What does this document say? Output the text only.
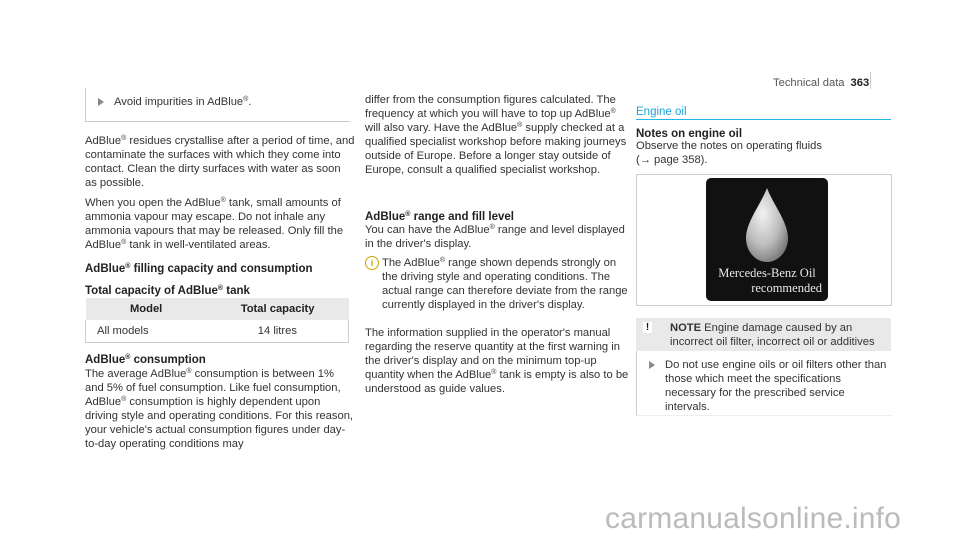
Technical data 363
Avoid impurities in AdBlue®.

AdBlue® residues crystallise after a period of time, and contaminate the surfaces with which they come into contact. Clean the dirty surfaces with water as soon as possible.

When you open the AdBlue® tank, small amounts of ammonia vapour may escape. Do not inhale any ammonia vapours that may be released. Only fill the AdBlue® tank in well-ventilated areas.

AdBlue® filling capacity and consumption
Total capacity of AdBlue® tank
Model	Total capacity
All models	14 litres
AdBlue® consumption

The average AdBlue® consumption is between 1% and 5% of fuel consumption. Like fuel consumption, AdBlue® consumption is highly dependent upon driving style and operating conditions. For this reason, your vehicle's actual consumption figures under day-to-day operating conditions may

differ from the consumption figures calculated. The frequency at which you will have to top up AdBlue® will also vary. Have the AdBlue® supply checked at a qualified specialist workshop before making journeys outside of Europe. Before a longer stay outside of Europe, consult a qualified specialist workshop.

AdBlue® range and fill level

You can have the AdBlue® range and level displayed in the driver's display.

i The AdBlue® range shown depends strongly on the driving style and operating conditions. The actual range can therefore deviate from the range currently displayed in the driver's display.

The information supplied in the operator's manual regarding the reserve quantity at the first warning in the driver's display and on the minimum top-up quantity when the AdBlue® tank is empty is also to be understood as guide values.

Engine oil
Notes on engine oil

Observe the notes on operating fluids
(→ page 358).

Mercedes-Benz Oil
recommended
! NOTE Engine damage caused by an incorrect oil filter, incorrect oil or additives

Do not use engine oils or oil filters other than those which meet the specifications necessary for the prescribed service intervals.

carmanualsonline.info
